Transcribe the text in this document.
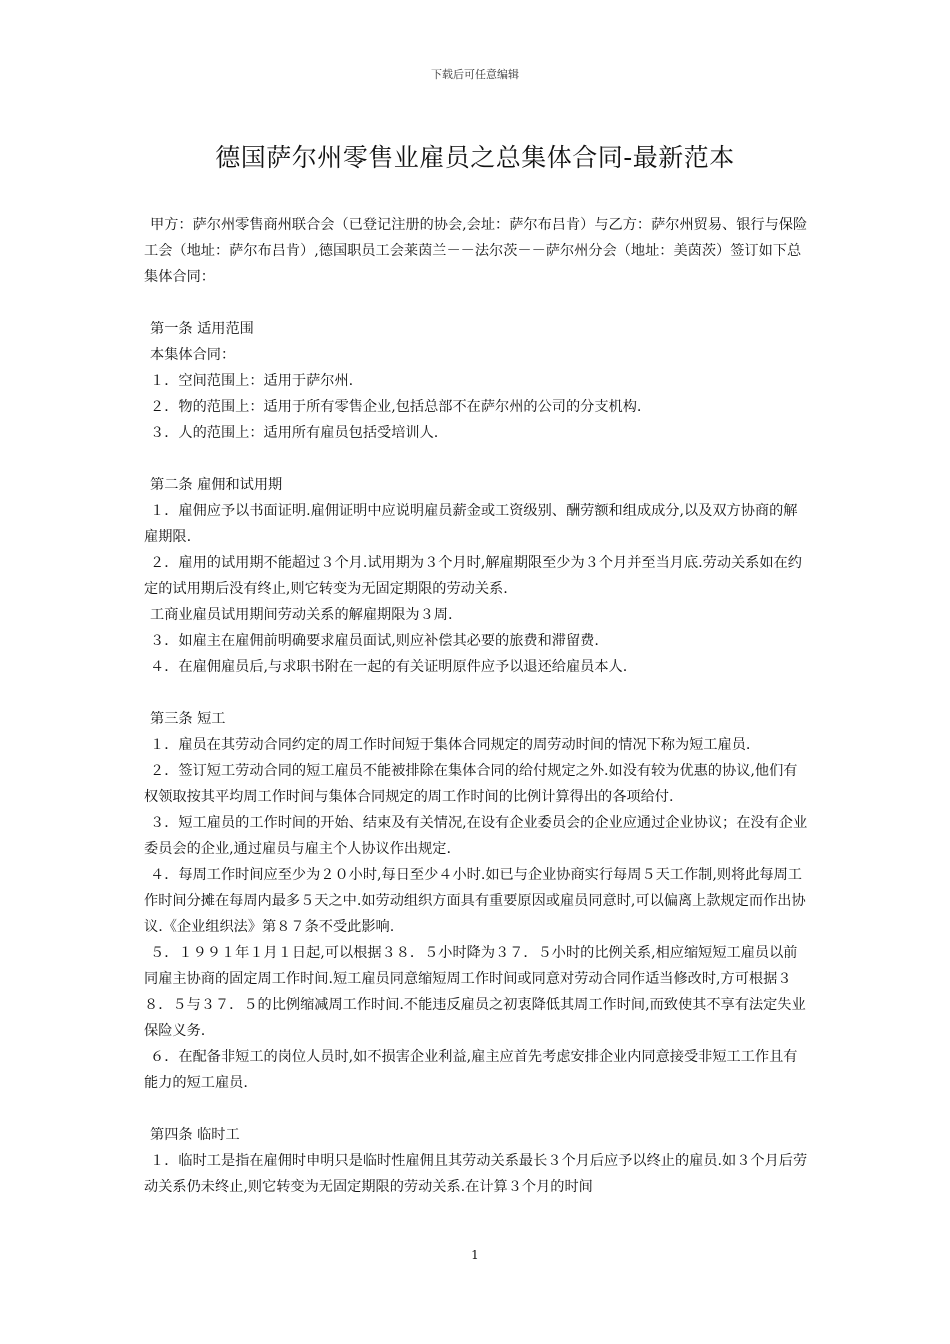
下载后可任意编辑
德国萨尔州零售业雇员之总集体合同-最新范本

甲方：萨尔州零售商州联合会（已登记注册的协会,会址：萨尔布吕肯）与乙方：萨尔州贸易、银行与保险工会（地址：萨尔布吕肯）,德国职员工会莱茵兰－－法尔茨－－萨尔州分会（地址：美茵茨）签订如下总集体合同：

第一条 适用范围

本集体合同：

１．空间范围上：适用于萨尔州.

２．物的范围上：适用于所有零售企业,包括总部不在萨尔州的公司的分支机构.

３．人的范围上：适用所有雇员包括受培训人.

第二条 雇佣和试用期

１．雇佣应予以书面证明.雇佣证明中应说明雇员薪金或工资级别、酬劳额和组成成分,以及双方协商的解雇期限.

２．雇用的试用期不能超过３个月.试用期为３个月时,解雇期限至少为３个月并至当月底.劳动关系如在约定的试用期后没有终止,则它转变为无固定期限的劳动关系.

工商业雇员试用期间劳动关系的解雇期限为３周.

３．如雇主在雇佣前明确要求雇员面试,则应补偿其必要的旅费和滞留费.

４．在雇佣雇员后,与求职书附在一起的有关证明原件应予以退还给雇员本人.

第三条 短工

１．雇员在其劳动合同约定的周工作时间短于集体合同规定的周劳动时间的情况下称为短工雇员.

２．签订短工劳动合同的短工雇员不能被排除在集体合同的给付规定之外.如没有较为优惠的协议,他们有权领取按其平均周工作时间与集体合同规定的周工作时间的比例计算得出的各项给付.

３．短工雇员的工作时间的开始、结束及有关情况,在设有企业委员会的企业应通过企业协议；在没有企业委员会的企业,通过雇员与雇主个人协议作出规定.

４．每周工作时间应至少为２０小时,每日至少４小时.如已与企业协商实行每周５天工作制,则将此每周工作时间分摊在每周内最多５天之中.如劳动组织方面具有重要原因或雇员同意时,可以偏离上款规定而作出协议.《企业组织法》第８７条不受此影响.

５．１９９１年１月１日起,可以根据３８．５小时降为３７．５小时的比例关系,相应缩短短工雇员以前同雇主协商的固定周工作时间.短工雇员同意缩短周工作时间或同意对劳动合同作适当修改时,方可根据３８．５与３７．５的比例缩减周工作时间.不能违反雇员之初衷降低其周工作时间,而致使其不享有法定失业保险义务.

６．在配备非短工的岗位人员时,如不损害企业利益,雇主应首先考虑安排企业内同意接受非短工工作且有能力的短工雇员.

第四条 临时工

１．临时工是指在雇佣时申明只是临时性雇佣且其劳动关系最长３个月后应予以终止的雇员.如３个月后劳动关系仍未终止,则它转变为无固定期限的劳动关系.在计算３个月的时间

1
